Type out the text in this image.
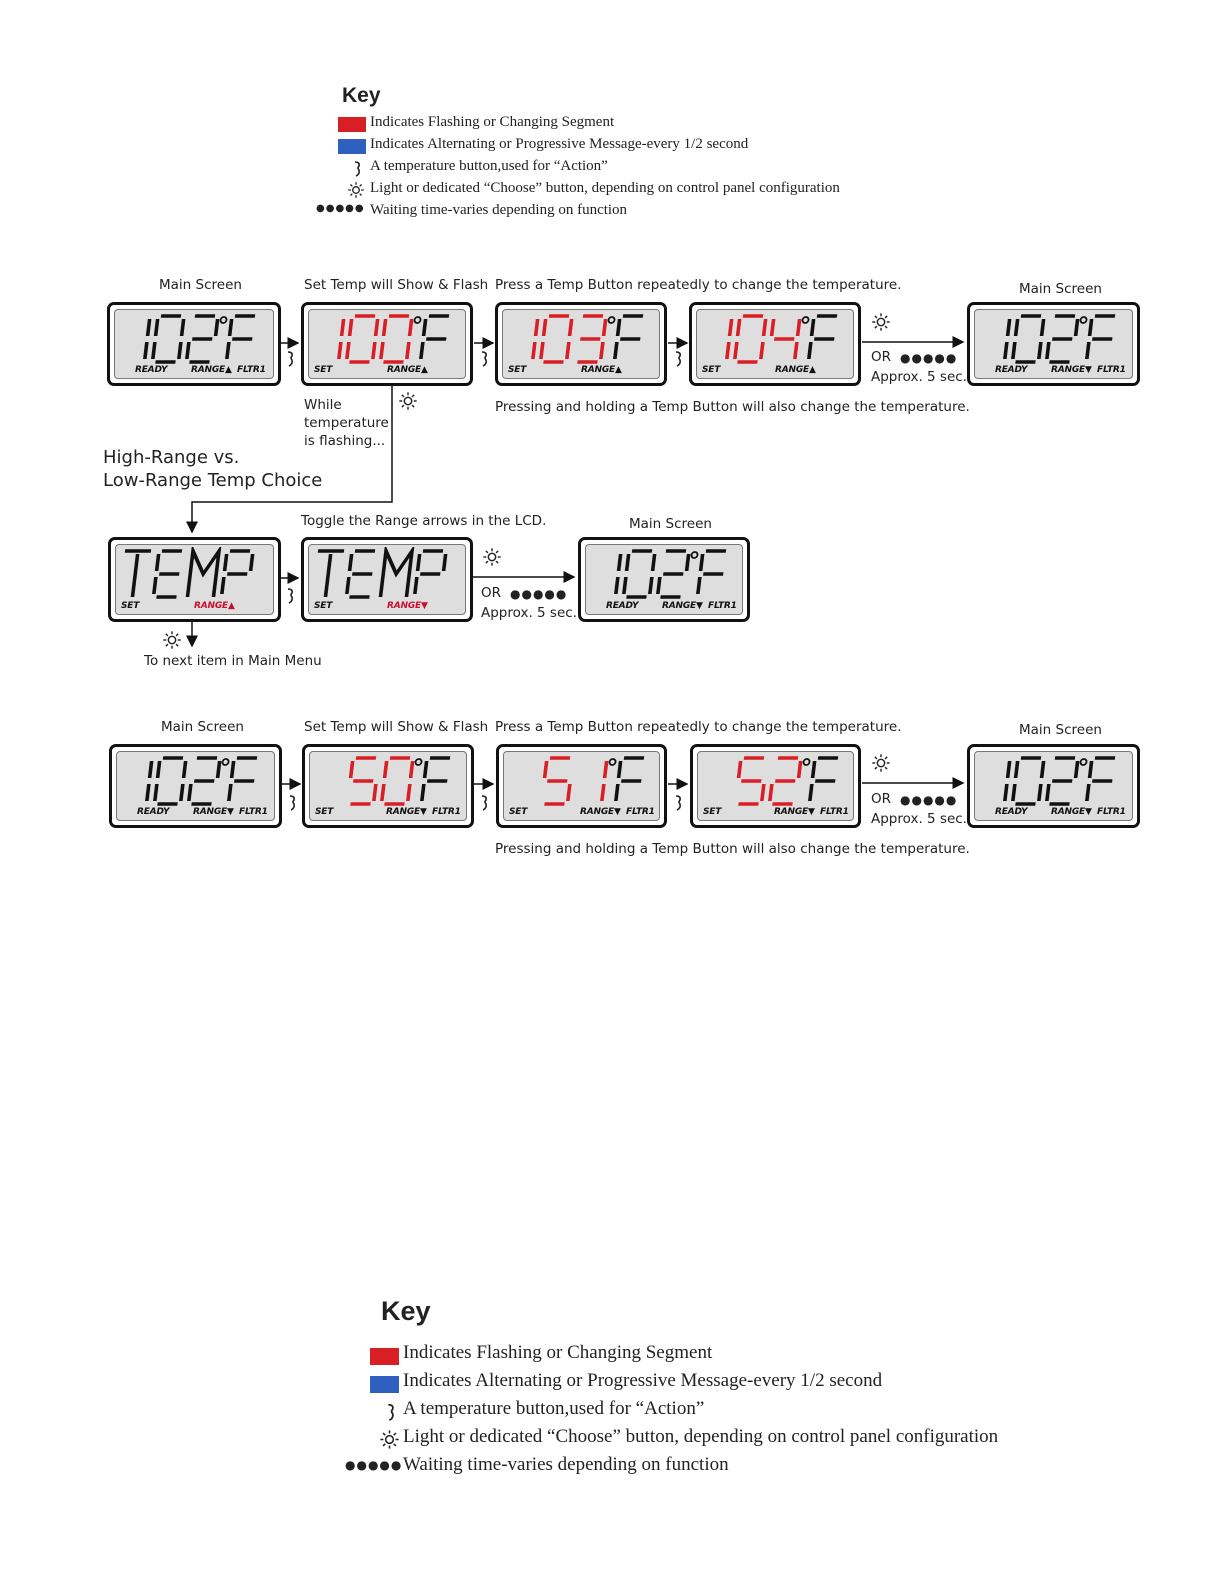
Key
Indicates Flashing or Changing Segment
Indicates Alternating or Progressive Message-every 1/2 second
A temperature button,used for “Action”
Light or dedicated “Choose” button, depending on control panel configuration
●●●●● Waiting time-varies depending on function
Main Screen	Set Temp will Show & Flash Press a Temp Button repeatedly to change the temperature.	Main Screen
READY	RANGE▲ FLTR1	SET	RANGE▲	SET	RANGE▲	SET	RANGE▲	READY	RANGE▼ FLTR1
OR ●●●●●
Approx. 5 sec.
While
temperature
is flashing...
Pressing and holding a Temp Button will also change the temperature.
High-Range vs.
Low-Range Temp Choice
Toggle the Range arrows in the LCD.	Main Screen
SET	RANGE▲	SET	RANGE▼	READY	RANGE▼ FLTR1
OR ●●●●●
Approx. 5 sec.
To next item in Main Menu
Main Screen	Set Temp will Show & Flash Press a Temp Button repeatedly to change the temperature.	Main Screen
READY	RANGE▼ FLTR1	SET	RANGE▼ FLTR1	SET	RANGE▼ FLTR1	SET	RANGE▼ FLTR1	READY	RANGE▼ FLTR1
OR ●●●●●
Approx. 5 sec.
Pressing and holding a Temp Button will also change the temperature.
Key
Indicates Flashing or Changing Segment
Indicates Alternating or Progressive Message-every 1/2 second
A temperature button,used for “Action”
Light or dedicated “Choose” button, depending on control panel configuration
●●●●● Waiting time-varies depending on function
